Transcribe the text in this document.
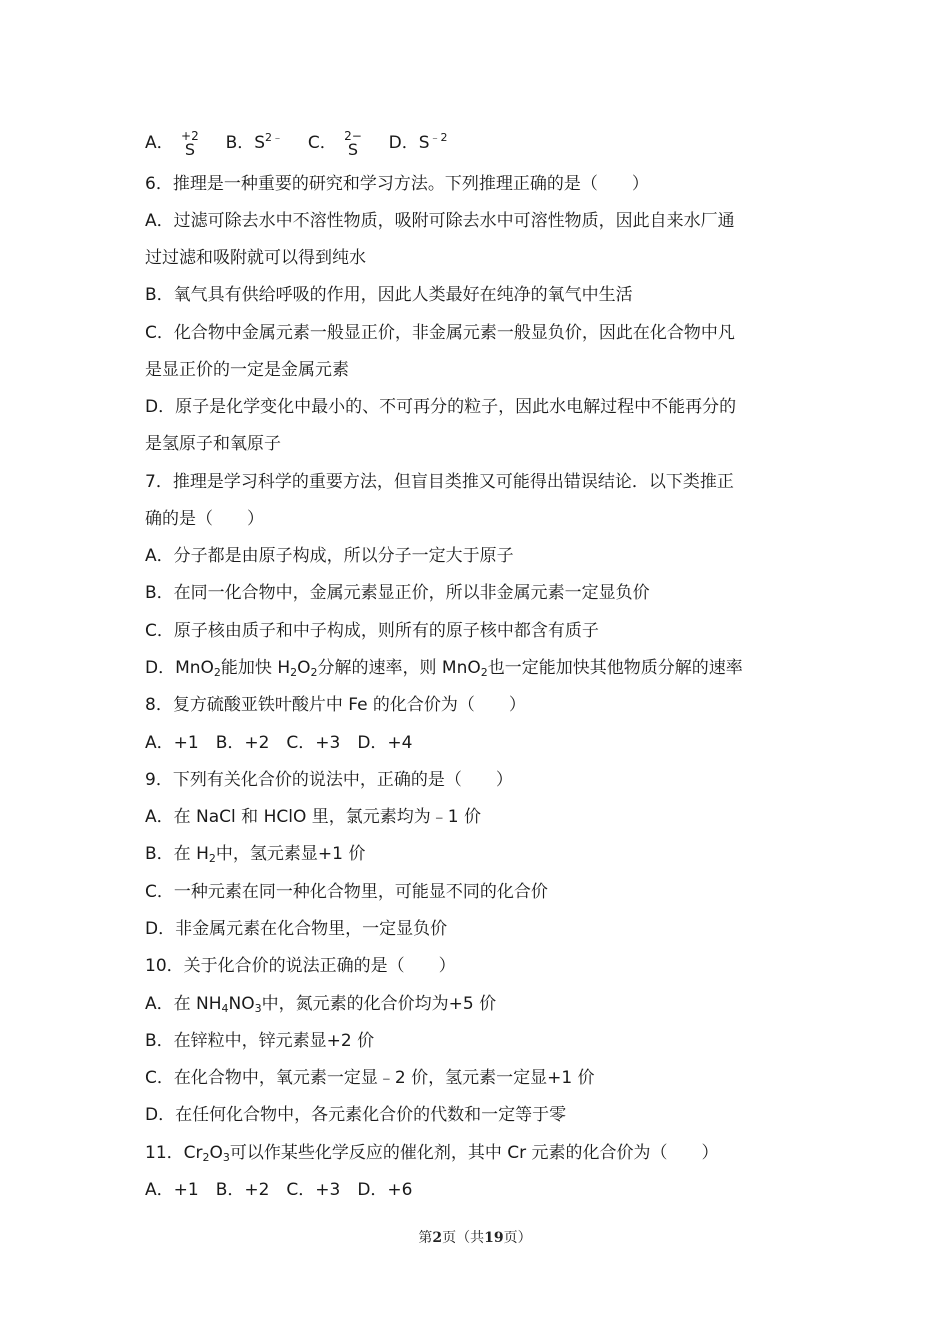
A． +2
S B．$S^{2﹣}$ C． 2−
S D．$S^{﹣2}$
6．推理是一种重要的研究和学习方法。下列推理正确的是（　　）
A．过滤可除去水中不溶性物质，吸附可除去水中可溶性物质，因此自来水厂通
过过滤和吸附就可以得到纯水
B．氧气具有供给呼吸的作用，因此人类最好在纯净的氧气中生活
C．化合物中金属元素一般显正价，非金属元素一般显负价，因此在化合物中凡
是显正价的一定是金属元素
D．原子是化学变化中最小的、不可再分的粒子，因此水电解过程中不能再分的
是氢原子和氧原子
7．推理是学习科学的重要方法，但盲目类推又可能得出错误结论．以下类推正
确的是（　　）
A．分子都是由原子构成，所以分子一定大于原子
B．在同一化合物中，金属元素显正价，所以非金属元素一定显负价
C．原子核由质子和中子构成，则所有的原子核中都含有质子
D．MnO$_2$能加快 $H_2O_2$分解的速率，则 MnO$_2$也一定能加快其他物质分解的速率
8．复方硫酸亚铁叶酸片中 Fe 的化合价为（　　）
A．+1　B．+2　C．+3　D．+4
9．下列有关化合价的说法中，正确的是（　　）
A．在 NaCl 和 HClO 里，氯元素均为﹣1 价
B．在 $H_2$中，氢元素显+1 价
C．一种元素在同一种化合物里，可能显不同的化合价
D．非金属元素在化合物里，一定显负价
10．关于化合价的说法正确的是（　　）
A．在 $NH_4NO_3$中，氮元素的化合价均为+5 价
B．在锌粒中，锌元素显+2 价
C．在化合物中，氧元素一定显﹣2 价，氢元素一定显+1 价
D．在任何化合物中，各元素化合价的代数和一定等于零
11．$Cr_2O_3$可以作某些化学反应的催化剂，其中 Cr 元素的化合价为（　　）
A．+1　B．+2　C．+3　D．+6
第2页（共19页）
